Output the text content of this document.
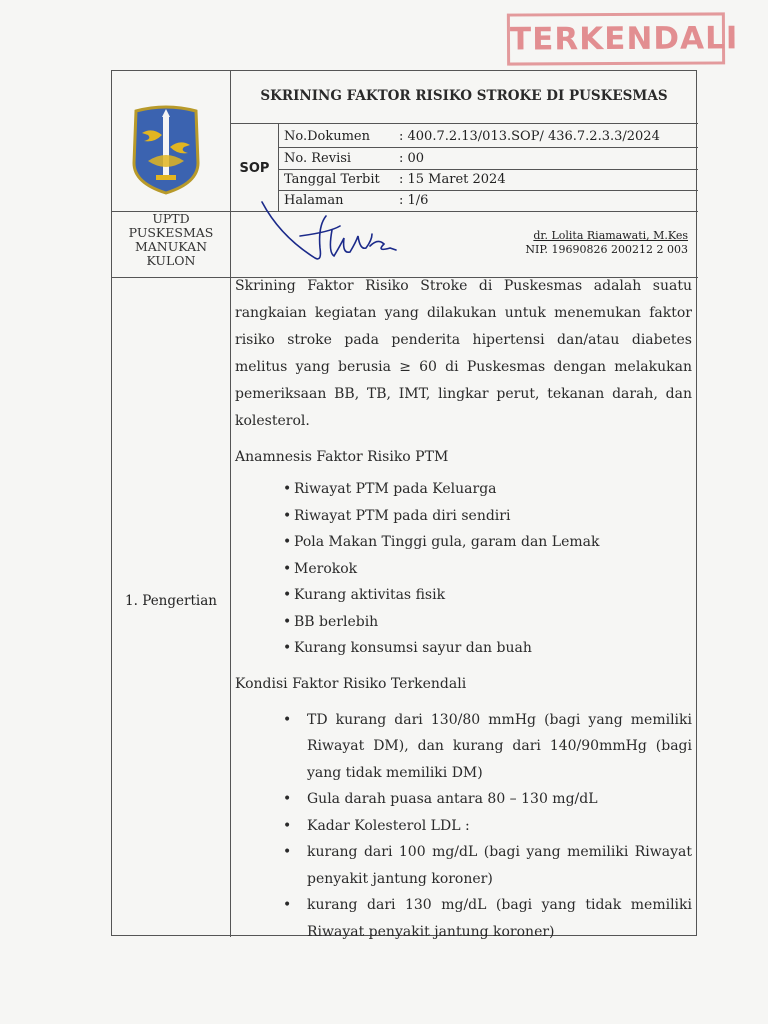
TERKENDALI
UPTD
PUSKESMAS
MANUKAN
KULON
SKRINING FAKTOR RISIKO STROKE DI PUSKESMAS
SOP
No.Dokumen	: 400.7.2.13/013.SOP/ 436.7.2.3.3/2024
No. Revisi	: 00
Tanggal Terbit	: 15 Maret 2024
Halaman	: 1/6
dr. Lolita Riamawati, M.Kes
NIP. 19690826 200212 2 003
1. Pengertian
Skrining Faktor Risiko Stroke di Puskesmas adalah suatu rangkaian kegiatan yang dilakukan untuk menemukan faktor risiko stroke pada penderita hipertensi dan/atau diabetes melitus yang berusia ≥ 60 di Puskesmas dengan melakukan pemeriksaan BB, TB, IMT, lingkar perut, tekanan darah, dan kolesterol.
Anamnesis Faktor Risiko PTM
• Riwayat PTM pada Keluarga
• Riwayat PTM pada diri sendiri
• Pola Makan Tinggi gula, garam dan Lemak
• Merokok
• Kurang aktivitas fisik
• BB berlebih
• Kurang konsumsi sayur dan buah
Kondisi Faktor Risiko Terkendali
• TD kurang dari 130/80 mmHg (bagi yang memiliki Riwayat DM), dan kurang dari 140/90mmHg (bagi yang tidak memiliki DM)
• Gula darah puasa antara 80 – 130 mg/dL
• Kadar Kolesterol LDL :
• kurang dari 100 mg/dL (bagi yang memiliki Riwayat penyakit jantung koroner)
• kurang dari 130 mg/dL (bagi yang tidak memiliki Riwayat penyakit jantung koroner)
